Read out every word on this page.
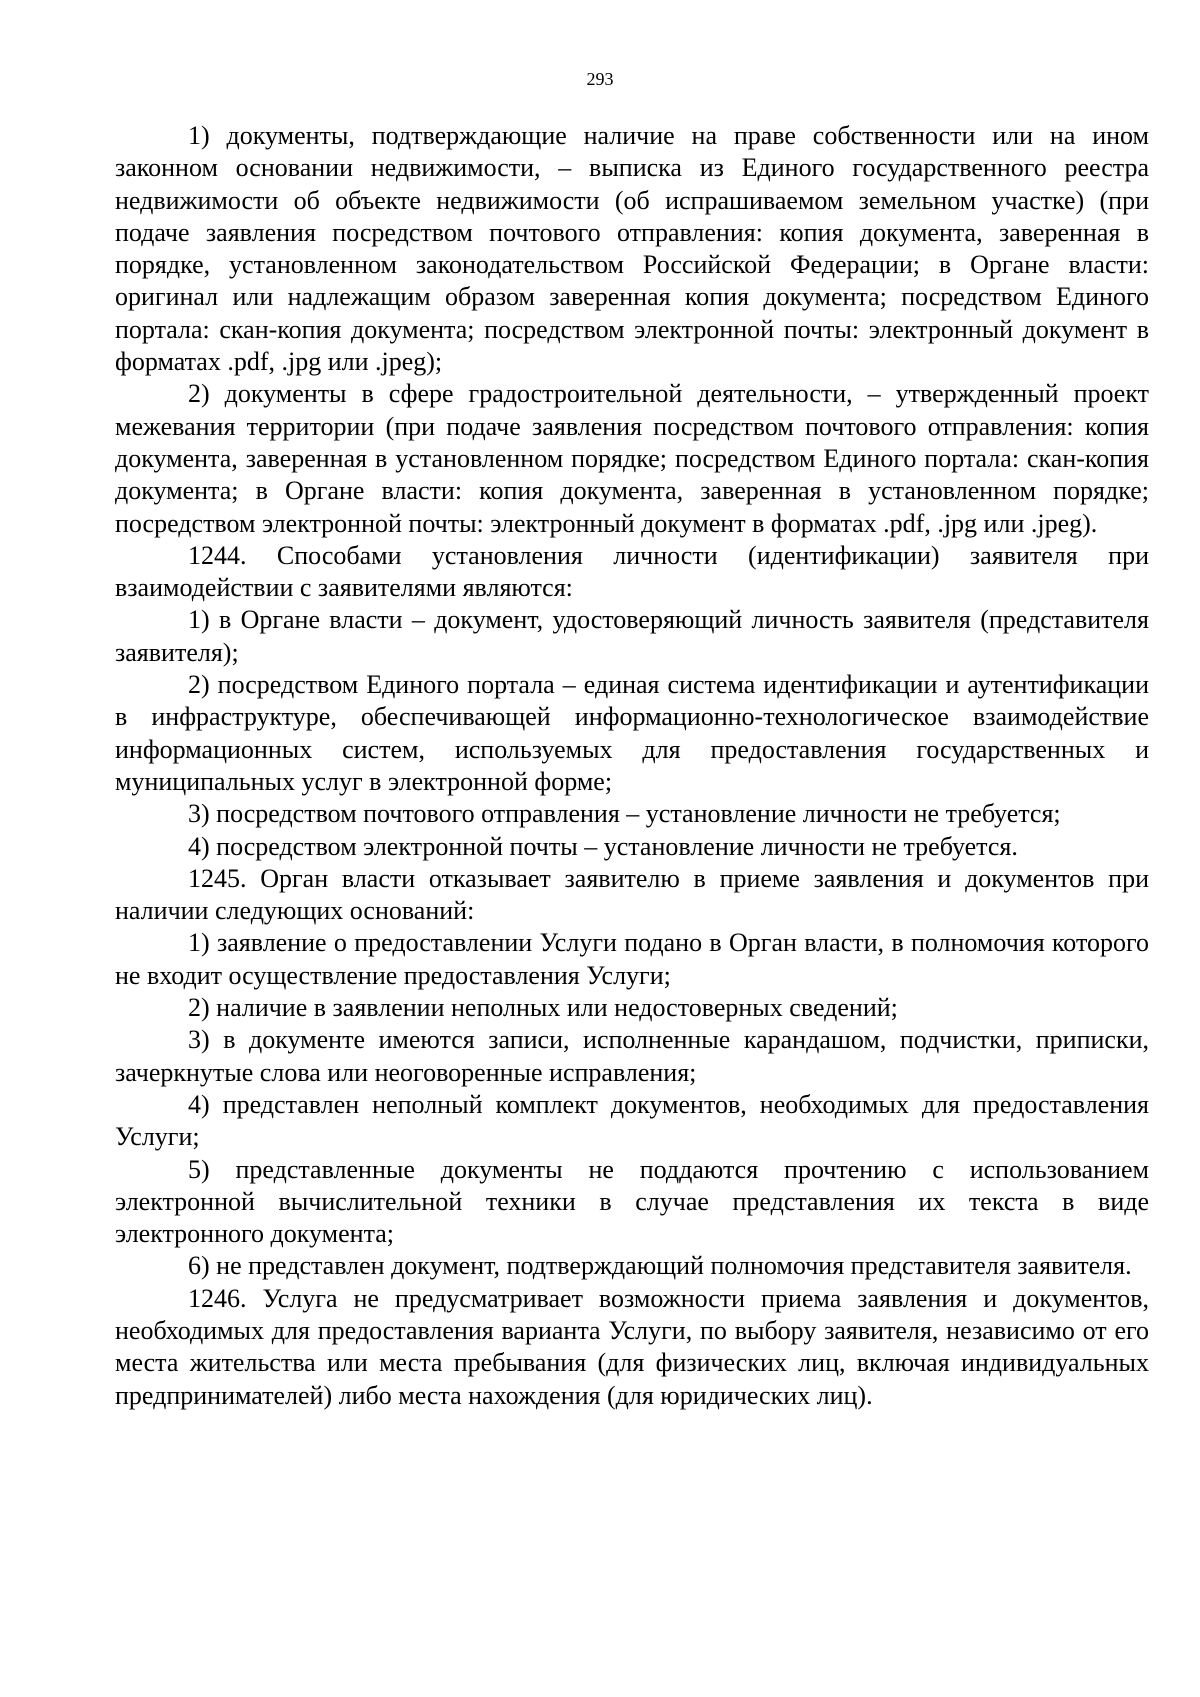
293

1) документы, подтверждающие наличие на праве собственности или на ином законном основании недвижимости, – выписка из Единого государственного реестра недвижимости об объекте недвижимости (об испрашиваемом земельном участке) (при подаче заявления посредством почтового отправления: копия документа, заверенная в порядке, установленном законодательством Российской Федерации; в Органе власти: оригинал или надлежащим образом заверенная копия документа; посредством Единого портала: скан-копия документа; посредством электронной почты: электронный документ в форматах .pdf, .jpg или .jpeg);

2) документы в сфере градостроительной деятельности, – утвержденный проект межевания территории (при подаче заявления посредством почтового отправления: копия документа, заверенная в установленном порядке; посредством Единого портала: скан-копия документа; в Органе власти: копия документа, заверенная в установленном порядке; посредством электронной почты: электронный документ в форматах .pdf, .jpg или .jpeg).

1244. Способами установления личности (идентификации) заявителя при взаимодействии с заявителями являются:

1) в Органе власти – документ, удостоверяющий личность заявителя (представителя заявителя);

2) посредством Единого портала – единая система идентификации и аутентификации в инфраструктуре, обеспечивающей информационно-технологическое взаимодействие информационных систем, используемых для предоставления государственных и муниципальных услуг в электронной форме;

3) посредством почтового отправления – установление личности не требуется;

4) посредством электронной почты – установление личности не требуется.

1245. Орган власти отказывает заявителю в приеме заявления и документов при наличии следующих оснований:

1) заявление о предоставлении Услуги подано в Орган власти, в полномочия которого не входит осуществление предоставления Услуги;

2) наличие в заявлении неполных или недостоверных сведений;

3) в документе имеются записи, исполненные карандашом, подчистки, приписки, зачеркнутые слова или неоговоренные исправления;

4) представлен неполный комплект документов, необходимых для предоставления Услуги;

5) представленные документы не поддаются прочтению с использованием электронной вычислительной техники в случае представления их текста в виде электронного документа;

6) не представлен документ, подтверждающий полномочия представителя заявителя.

1246. Услуга не предусматривает возможности приема заявления и документов, необходимых для предоставления варианта Услуги, по выбору заявителя, независимо от его места жительства или места пребывания (для физических лиц, включая индивидуальных предпринимателей) либо места нахождения (для юридических лиц).
